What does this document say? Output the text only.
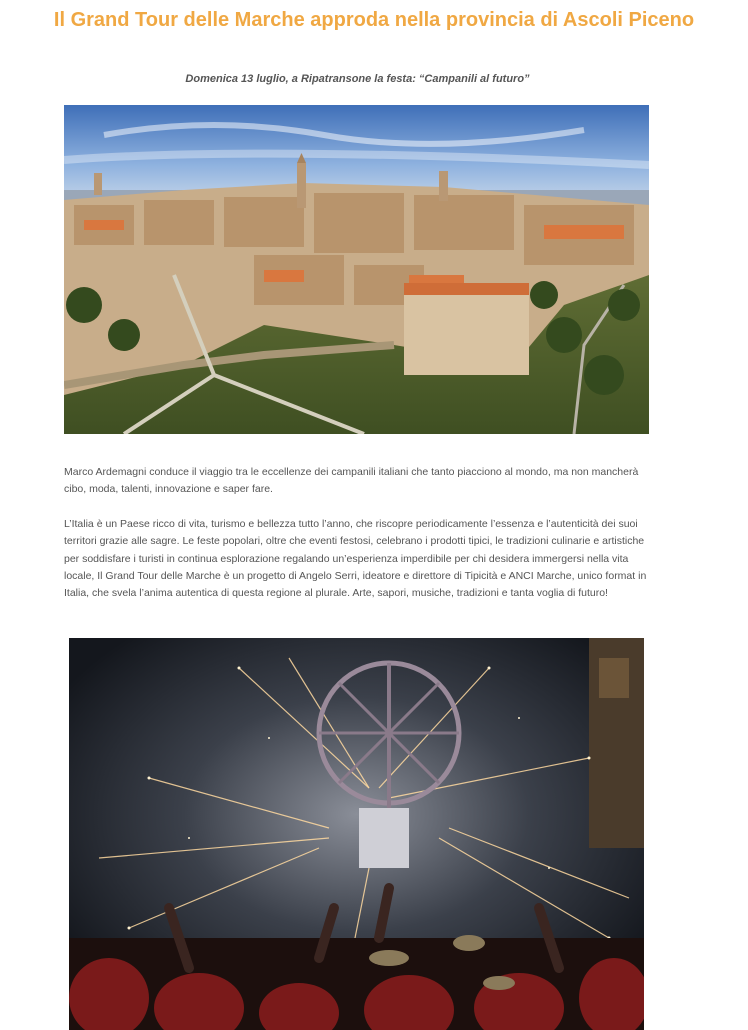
Il Grand Tour delle Marche approda nella provincia di Ascoli Piceno
Domenica 13 luglio, a Ripatransone la festa: “Campanili al futuro”
Marco Ardemagni conduce il viaggio tra le eccellenze dei campanili italiani che tanto piacciono al mondo, ma non mancherà cibo, moda, talenti, innovazione e saper fare.
L’Italia è un Paese ricco di vita, turismo e bellezza tutto l’anno, che riscopre periodicamente l’essenza e l’autenticità dei suoi territori grazie alle sagre. Le feste popolari, oltre che eventi festosi, celebrano i prodotti tipici, le tradizioni culinarie e artistiche per soddisfare i turisti in continua esplorazione regalando un’esperienza imperdibile per chi desidera immergersi nella vita locale, Il Grand Tour delle Marche è un progetto di Angelo Serri, ideatore e direttore di Tipicità e ANCI Marche, unico format in Italia, che svela l’anima autentica di questa regione al plurale. Arte, sapori, musiche, tradizioni e tanta voglia di futuro!
